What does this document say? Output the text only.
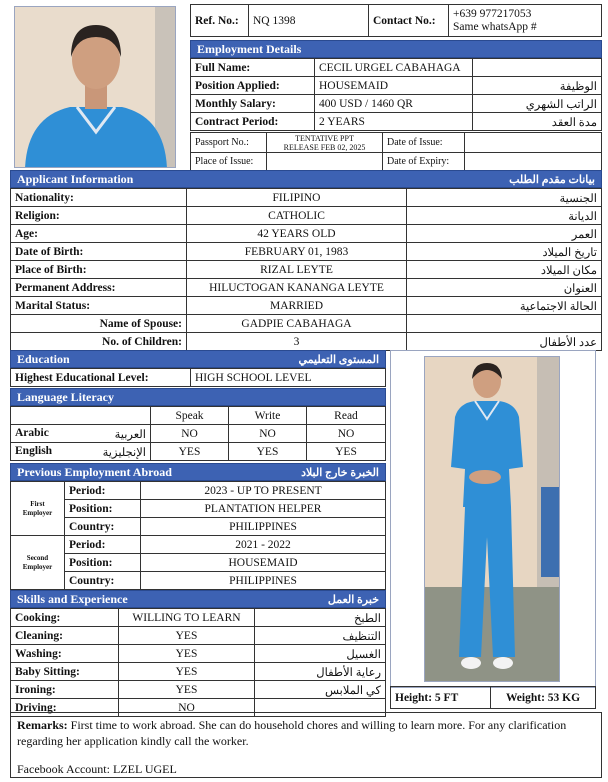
Ref. No.:	NQ 1398	Contact No.:	
+639 977217053
Same whatsApp #
Employment Details
Full Name:	CECIL URGEL CABAHAGA	
Position Applied:	HOUSEMAID	الوظيفة
Monthly Salary:	400 USD / 1460 QR	الراتب الشهري
Contract Period:	2 YEARS	مدة العقد
Passport No.:	TENTATIVE PPT
RELEASE FEB 02, 2025	Date of Issue:	
Place of Issue:		Date of Expiry:	
Applicant Information	بيانات مقدم الطلب
Nationality:	FILIPINO	الجنسية
Religion:	CATHOLIC	الديانة
Age:	42 YEARS OLD	العمر
Date of Birth:	FEBRUARY 01, 1983	تاريخ الميلاد
Place of Birth:	RIZAL LEYTE	مكان الميلاد
Permanent Address:	HILUCTOGAN KANANGA LEYTE	العنوان
Marital Status:	MARRIED	الحالة الاجتماعية
Name of Spouse:	GADPIE CABAHAGA	
No. of Children:	3	عدد الأطفال
Education	المستوى التعليمي
Highest Educational Level:	HIGH SCHOOL LEVEL
Language Literacy
	Speak	Write	Read
Arabic العربية	NO	NO	NO
English الإنجليزية	YES	YES	YES
Previous Employment Abroad	الخبرة خارج البلاد
First Employer	Period:	2023 - UP TO PRESENT
	Position:	PLANTATION HELPER
	Country:	PHILIPPINES
Second Employer	Period:	2021 - 2022
	Position:	HOUSEMAID
	Country:	PHILIPPINES
Skills and Experience	خبرة العمل
Cooking:	WILLING TO LEARN	الطبخ
Cleaning:	YES	التنظيف
Washing:	YES	الغسيل
Baby Sitting:	YES	رعاية الأطفال
Ironing:	YES	كي الملابس
Driving:	NO	
Height: 5 FT	Weight: 53 KG
Remarks: First time to work abroad. She can do household chores and willing to learn more. For any clarification regarding her application kindly call the worker.
Facebook Account: LZEL UGEL
